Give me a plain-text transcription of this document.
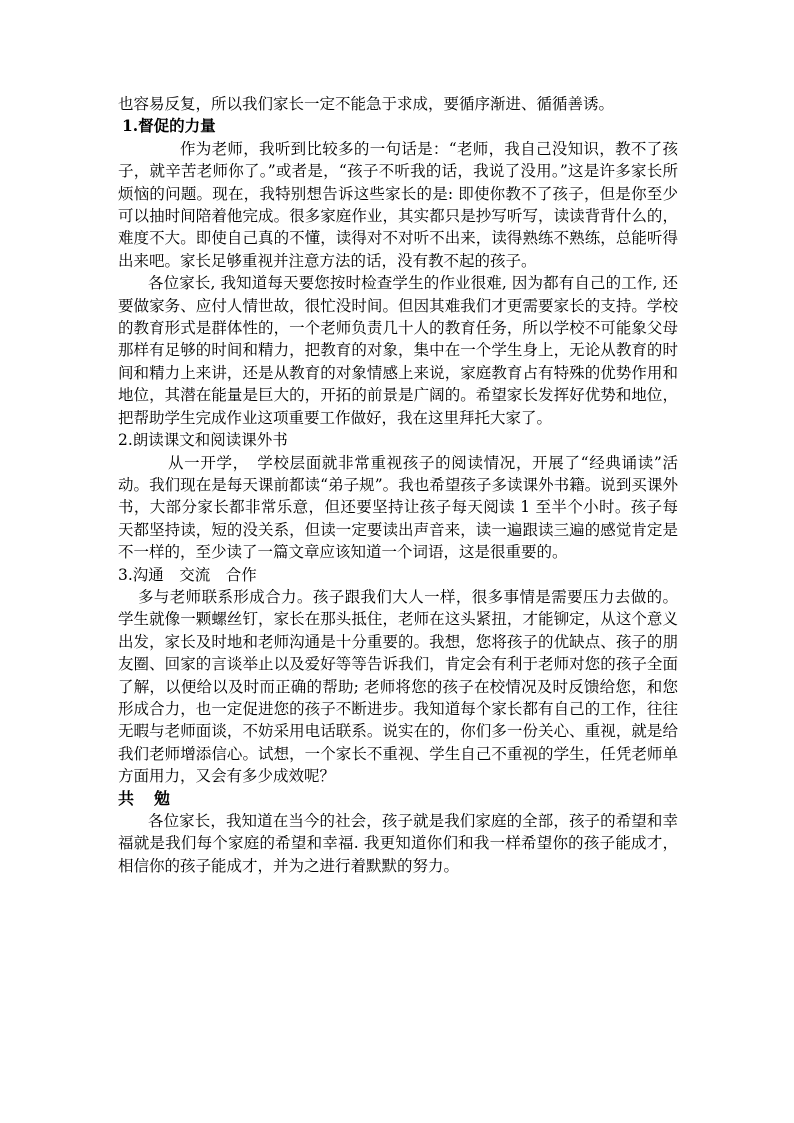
也容易反复，所以我们家长一定不能急于求成，要循序渐进、循循善诱。

1.督促的力量

作为老师，我听到比较多的一句话是：“老师，我自己没知识，教不了孩子，就辛苦老师你了。”或者是，“孩子不听我的话，我说了没用。”这是许多家长所烦恼的问题。现在，我特别想告诉这些家长的是: 即使你教不了孩子，但是你至少可以抽时间陪着他完成。很多家庭作业，其实都只是抄写听写，读读背背什么的，难度不大。即使自己真的不懂，读得对不对听不出来，读得熟练不熟练，总能听得出来吧。家长足够重视并注意方法的话，没有教不起的孩子。

各位家长, 我知道每天要您按时检查学生的作业很难, 因为都有自己的工作, 还要做家务、应付人情世故，很忙没时间。但因其难我们才更需要家长的支持。学校的教育形式是群体性的，一个老师负责几十人的教育任务，所以学校不可能象父母那样有足够的时间和精力，把教育的对象，集中在一个学生身上，无论从教育的时间和精力上来讲，还是从教育的对象情感上来说，家庭教育占有特殊的优势作用和地位，其潜在能量是巨大的，开拓的前景是广阔的。希望家长发挥好优势和地位，把帮助学生完成作业这项重要工作做好，我在这里拜托大家了。

2.朗读课文和阅读课外书

从一开学，　学校层面就非常重视孩子的阅读情况，开展了“经典诵读”活动。我们现在是每天课前都读“弟子规”。我也希望孩子多读课外书籍。说到买课外书，大部分家长都非常乐意，但还要坚持让孩子每天阅读 1 至半个小时。孩子每天都坚持读，短的没关系，但读一定要读出声音来，读一遍跟读三遍的感觉肯定是不一样的，至少读了一篇文章应该知道一个词语，这是很重要的。

3.沟通　交流　合作

多与老师联系形成合力。孩子跟我们大人一样，很多事情是需要压力去做的。学生就像一颗螺丝钉，家长在那头抵住，老师在这头紧扭，才能铆定，从这个意义出发，家长及时地和老师沟通是十分重要的。我想，您将孩子的优缺点、孩子的朋友圈、回家的言谈举止以及爱好等等告诉我们，肯定会有利于老师对您的孩子全面了解，以便给以及时而正确的帮助; 老师将您的孩子在校情况及时反馈给您，和您形成合力，也一定促进您的孩子不断进步。我知道每个家长都有自己的工作，往往无暇与老师面谈，不妨采用电话联系。说实在的，你们多一份关心、重视，就是给我们老师增添信心。试想，一个家长不重视、学生自己不重视的学生，任凭老师单方面用力，又会有多少成效呢？

共　勉

各位家长，我知道在当今的社会，孩子就是我们家庭的全部，孩子的希望和幸福就是我们每个家庭的希望和幸福. 我更知道你们和我一样希望你的孩子能成才，相信你的孩子能成才，并为之进行着默默的努力。
